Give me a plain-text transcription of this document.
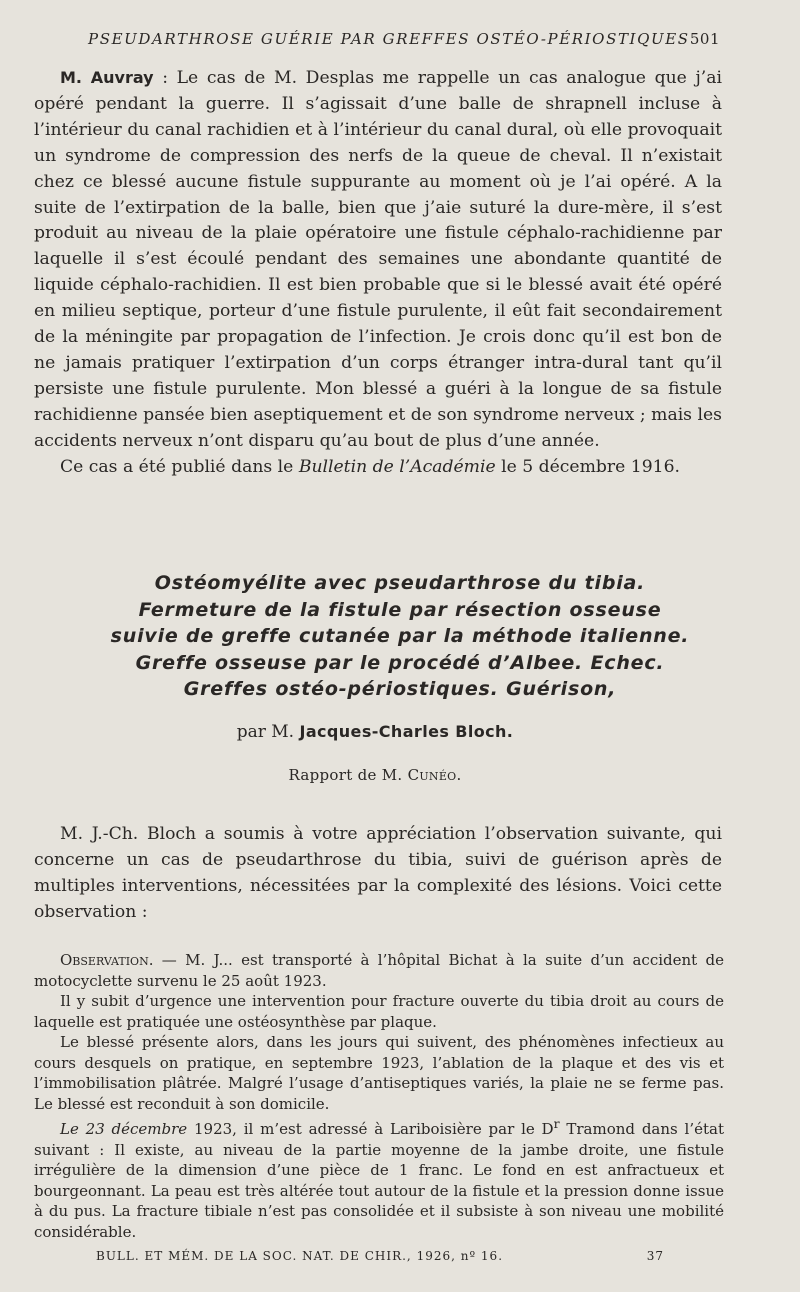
PSEUDARTHROSE GUÉRIE PAR GREFFES OSTÉO-PÉRIOSTIQUES 501

M. Auvray : Le cas de M. Desplas me rappelle un cas analogue que j’ai opéré pendant la guerre. Il s’agissait d’une balle de shrapnell incluse à l’intérieur du canal rachidien et à l’intérieur du canal dural, où elle provoquait un syndrome de compression des nerfs de la queue de cheval. Il n’existait chez ce blessé aucune fistule suppurante au moment où je l’ai opéré. A la suite de l’extirpation de la balle, bien que j’aie suturé la dure-mère, il s’est produit au niveau de la plaie opératoire une fistule céphalo-rachidienne par laquelle il s’est écoulé pendant des semaines une abondante quantité de liquide céphalo-rachidien. Il est bien probable que si le blessé avait été opéré en milieu septique, porteur d’une fistule purulente, il eût fait secondairement de la méningite par propagation de l’infection. Je crois donc qu’il est bon de ne jamais pratiquer l’extirpation d’un corps étranger intra-dural tant qu’il persiste une fistule purulente. Mon blessé a guéri à la longue de sa fistule rachidienne pansée bien aseptiquement et de son syndrome nerveux ; mais les accidents nerveux n’ont disparu qu’au bout de plus d’une année.

Ce cas a été publié dans le Bulletin de l’Académie le 5 décembre 1916.

Ostéomyélite avec pseudarthrose du tibia.
Fermeture de la fistule par résection osseuse
suivie de greffe cutanée par la méthode italienne.
Greffe osseuse par le procédé d’Albee. Echec.
Greffes ostéo-périostiques. Guérison,
par M. Jacques-Charles Bloch.
Rapport de M. Cunéo.

M. J.-Ch. Bloch a soumis à votre appréciation l’observation suivante, qui concerne un cas de pseudarthrose du tibia, suivi de guérison après de multiples interventions, nécessitées par la complexité des lésions. Voici cette observation :

Observation. — M. J... est transporté à l’hôpital Bichat à la suite d’un accident de motocyclette survenu le 25 août 1923.

Il y subit d’urgence une intervention pour fracture ouverte du tibia droit au cours de laquelle est pratiquée une ostéosynthèse par plaque.

Le blessé présente alors, dans les jours qui suivent, des phénomènes infectieux au cours desquels on pratique, en septembre 1923, l’ablation de la plaque et des vis et l’immobilisation plâtrée. Malgré l’usage d’antiseptiques variés, la plaie ne se ferme pas. Le blessé est reconduit à son domicile.

Le 23 décembre 1923, il m’est adressé à Lariboisière par le $D^r$ Tramond dans l’état suivant : Il existe, au niveau de la partie moyenne de la jambe droite, une fistule irrégulière de la dimension d’une pièce de 1 franc. Le fond en est anfractueux et bourgeonnant. La peau est très altérée tout autour de la fistule et la pression donne issue à du pus. La fracture tibiale n’est pas consolidée et il subsiste à son niveau une mobilité considérable.

BULL. ET MÉM. DE LA SOC. NAT. DE CHIR., 1926, nº 16.	37
